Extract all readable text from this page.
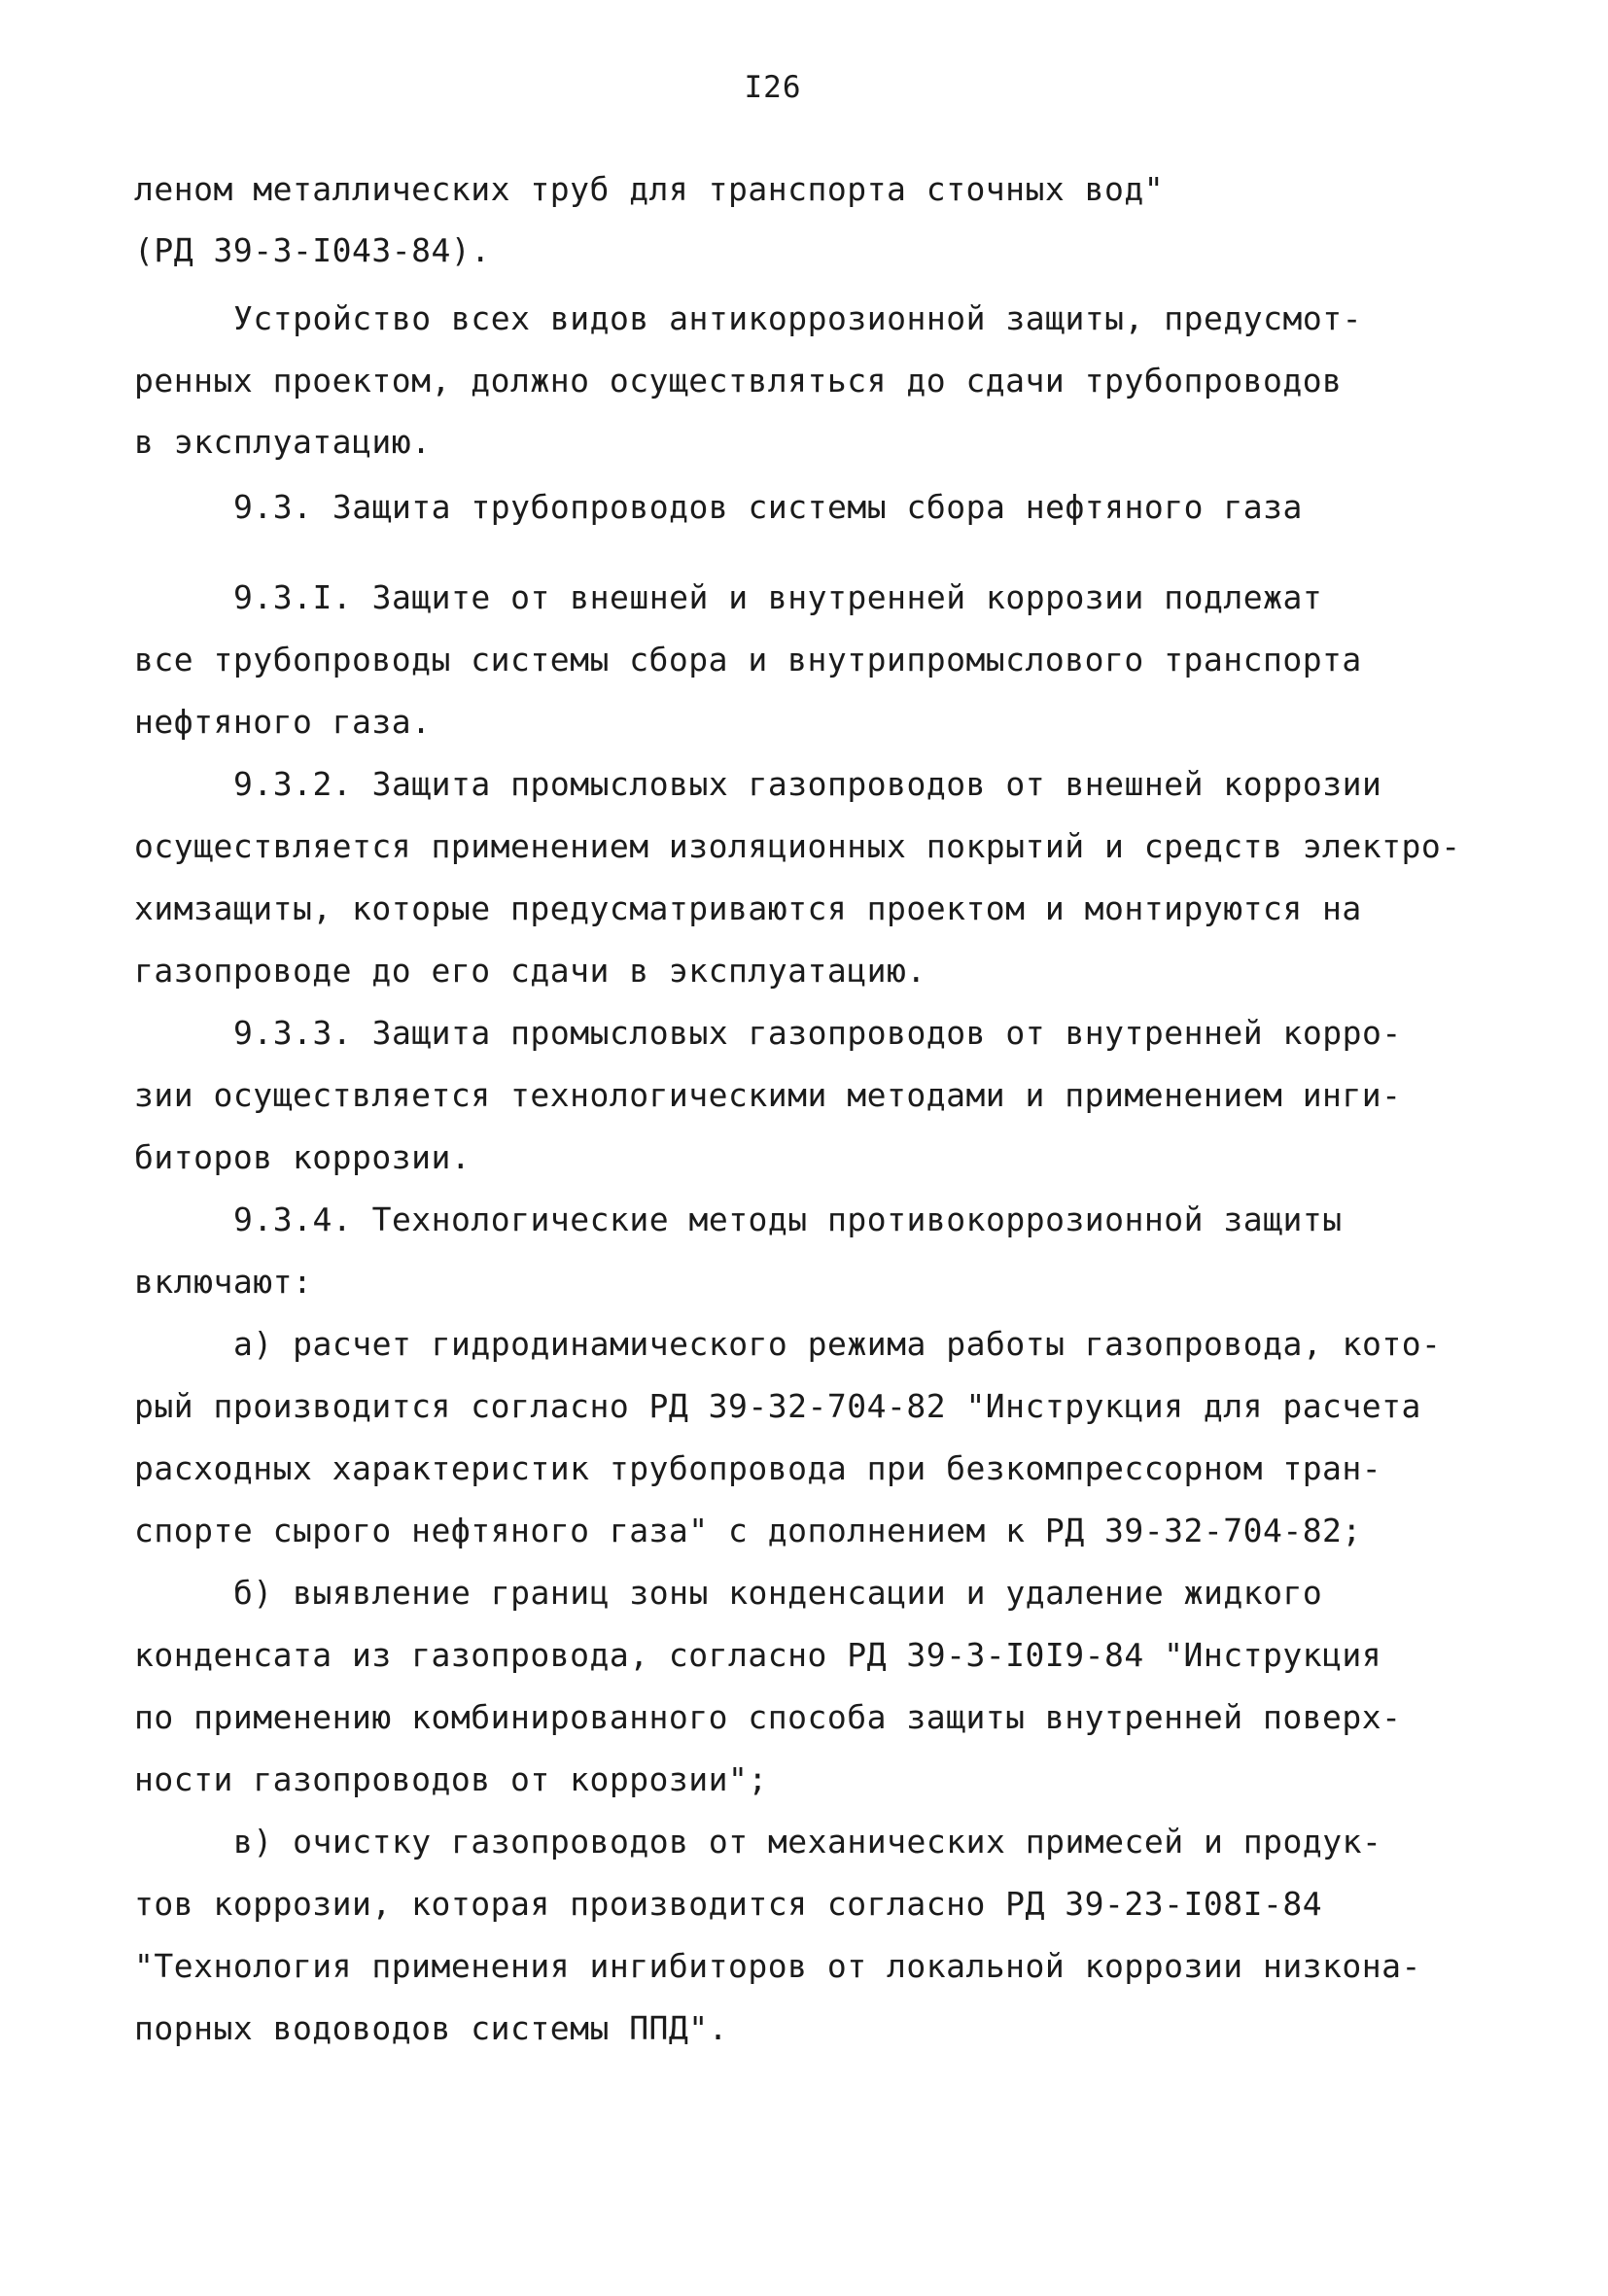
I26
леном металлических труб для транспорта сточных вод"
(РД 39-3-I043-84).
Устройство всех видов антикоррозионной защиты, предусмот-
ренных проектом, должно осуществляться до сдачи трубопроводов
в эксплуатацию.
9.3. Защита трубопроводов системы сбора нефтяного газа
9.3.I. Защите от внешней и внутренней коррозии подлежат
все трубопроводы системы сбора и внутрипромыслового транспорта
нефтяного газа.
9.3.2. Защита промысловых газопроводов от внешней коррозии
осуществляется применением изоляционных покрытий и средств электро-
химзащиты, которые предусматриваются проектом и монтируются на
газопроводе до его сдачи в эксплуатацию.
9.3.3. Защита промысловых газопроводов от внутренней корро-
зии осуществляется технологическими методами и применением инги-
биторов коррозии.
9.3.4. Технологические методы противокоррозионной защиты
включают:
а) расчет гидродинамического режима работы газопровода, кото-
рый производится согласно РД 39-32-704-82 "Инструкция для расчета
расходных характеристик трубопровода при безкомпрессорном тран-
спорте сырого нефтяного газа" с дополнением к РД 39-32-704-82;
б) выявление границ зоны конденсации и удаление жидкого
конденсата из газопровода, согласно РД 39-3-I0I9-84 "Инструкция
по применению комбинированного способа защиты внутренней поверх-
ности газопроводов от коррозии";
в) очистку газопроводов от механических примесей и продук-
тов коррозии, которая производится согласно РД 39-23-I08I-84
"Технология применения ингибиторов от локальной коррозии низкона-
порных водоводов системы ППД".
